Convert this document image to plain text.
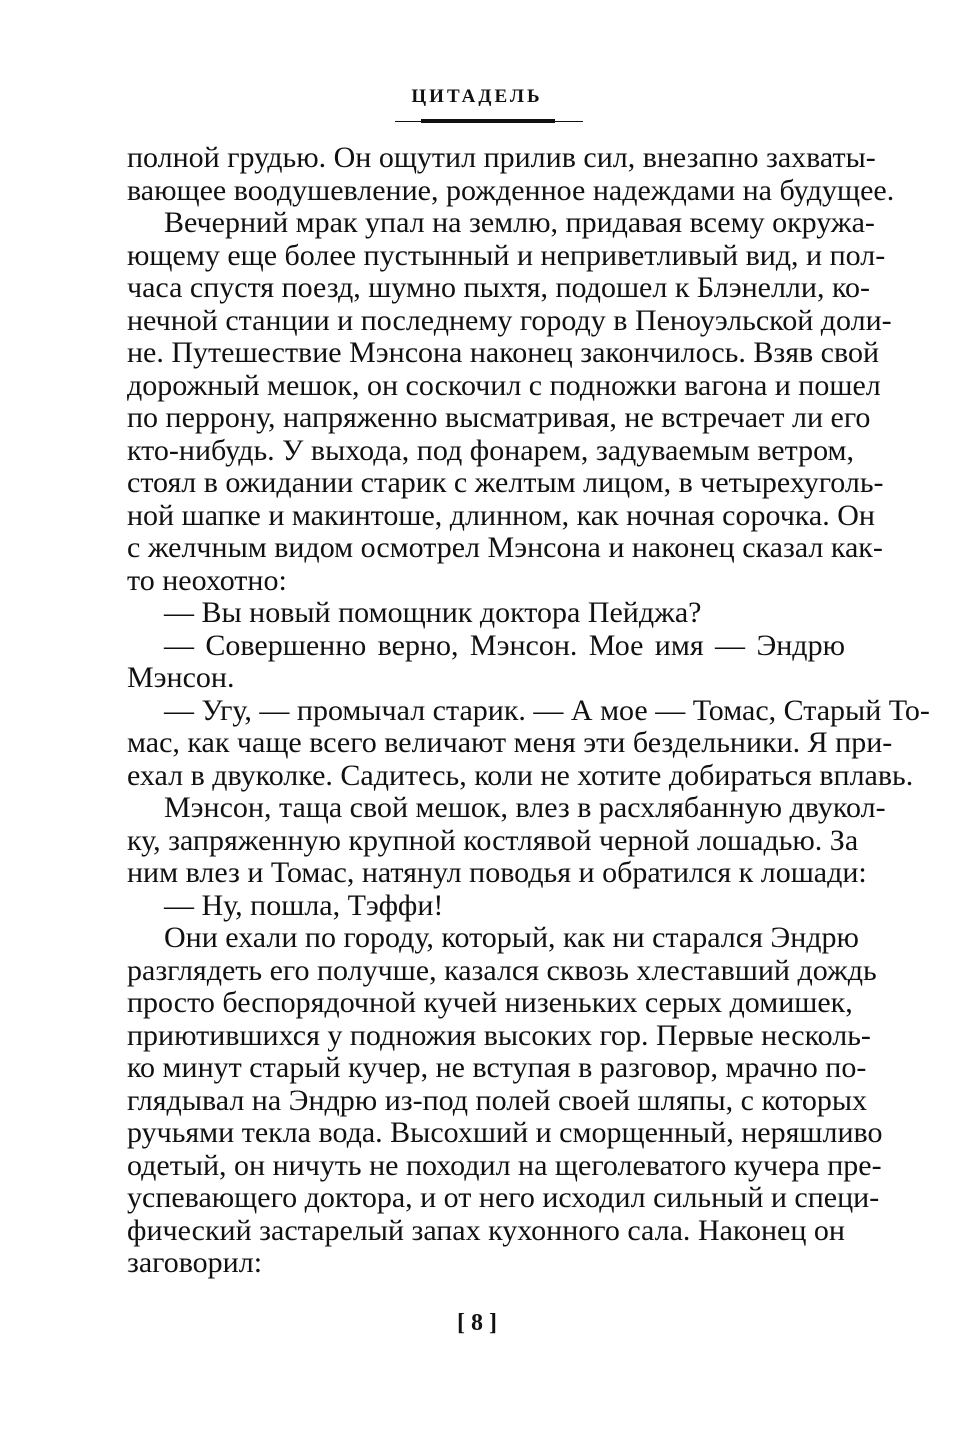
ЦИТАДЕЛЬ
полной грудью. Он ощутил прилив сил, внезапно захваты-
вающее воодушевление, рожденное надеждами на будущее.
Вечерний мрак упал на землю, придавая всему окружа-
ющему еще более пустынный и неприветливый вид, и пол-
часа спустя поезд, шумно пыхтя, подошел к Блэнелли, ко-
нечной станции и последнему городу в Пеноуэльской доли-
не. Путешествие Мэнсона наконец закончилось. Взяв свой
дорожный мешок, он соскочил с подножки вагона и пошел
по перрону, напряженно высматривая, не встречает ли его
кто-нибудь. У выхода, под фонарем, задуваемым ветром,
стоял в ожидании старик с желтым лицом, в четырехуголь-
ной шапке и макинтоше, длинном, как ночная сорочка. Он
с желчным видом осмотрел Мэнсона и наконец сказал как-
то неохотно:
— Вы новый помощник доктора Пейджа?
— Совершенно верно, Мэнсон. Мое имя — Эндрю
Мэнсон.
— Угу, — промычал старик. — А мое — Томас, Старый То-
мас, как чаще всего величают меня эти бездельники. Я при-
ехал в двуколке. Садитесь, коли не хотите добираться вплавь.
Мэнсон, таща свой мешок, влез в расхлябанную двукол-
ку, запряженную крупной костлявой черной лошадью. За
ним влез и Томас, натянул поводья и обратился к лошади:
— Ну, пошла, Тэффи!
Они ехали по городу, который, как ни старался Эндрю
разглядеть его получше, казался сквозь хлеставший дождь
просто беспорядочной кучей низеньких серых домишек,
приютившихся у подножия высоких гор. Первые несколь-
ко минут старый кучер, не вступая в разговор, мрачно по-
глядывал на Эндрю из-под полей своей шляпы, с которых
ручьями текла вода. Высохший и сморщенный, неряшливо
одетый, он ничуть не походил на щеголеватого кучера пре-
успевающего доктора, и от него исходил сильный и специ-
фический застарелый запах кухонного сала. Наконец он
заговорил:
[ 8 ]
